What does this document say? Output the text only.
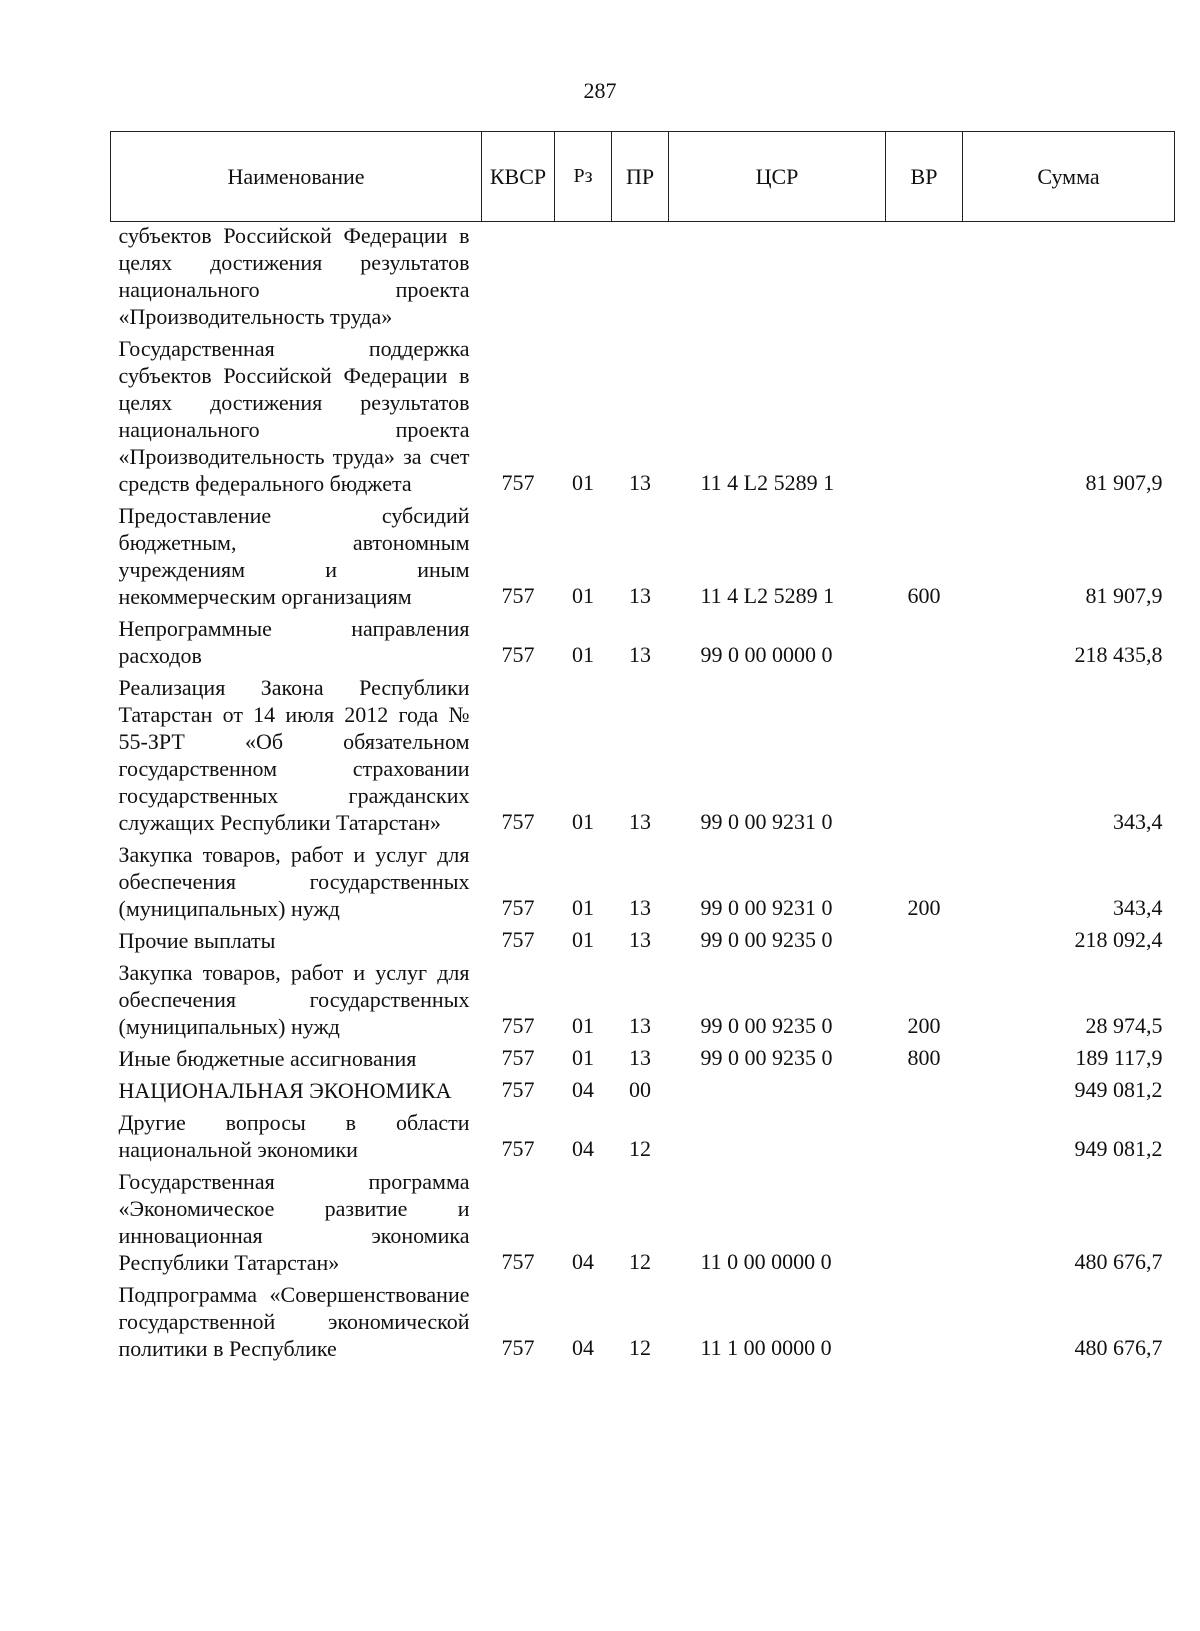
287
Наименование	КВСР	Рз	ПР	ЦСР	ВР	Сумма
субъектов Российской Федерации в целях достижения результатов национального проекта «Производительность труда»						
Государственная поддержка субъектов Российской Федерации в целях достижения результатов национального проекта «Производительность труда» за счет средств федерального бюджета	757	01	13	11 4 L2 5289 1		81 907,9
Предоставление субсидий бюджетным, автономным учреждениям и иным некоммерческим организациям	757	01	13	11 4 L2 5289 1	600	81 907,9
Непрограммные направления расходов	757	01	13	99 0 00 0000 0		218 435,8
Реализация Закона Республики Татарстан от 14 июля 2012 года № 55-ЗРТ «Об обязательном государственном страховании государственных гражданских служащих Республики Татарстан»	757	01	13	99 0 00 9231 0		343,4
Закупка товаров, работ и услуг для обеспечения государственных (муниципальных) нужд	757	01	13	99 0 00 9231 0	200	343,4
Прочие выплаты	757	01	13	99 0 00 9235 0		218 092,4
Закупка товаров, работ и услуг для обеспечения государственных (муниципальных) нужд	757	01	13	99 0 00 9235 0	200	28 974,5
Иные бюджетные ассигнования	757	01	13	99 0 00 9235 0	800	189 117,9
НАЦИОНАЛЬНАЯ ЭКОНОМИКА	757	04	00			949 081,2
Другие вопросы в области национальной экономики	757	04	12			949 081,2
Государственная программа «Экономическое развитие и инновационная экономика Республики Татарстан»	757	04	12	11 0 00 0000 0		480 676,7
Подпрограмма «Совершенствование государственной экономической политики в Республике	757	04	12	11 1 00 0000 0		480 676,7
